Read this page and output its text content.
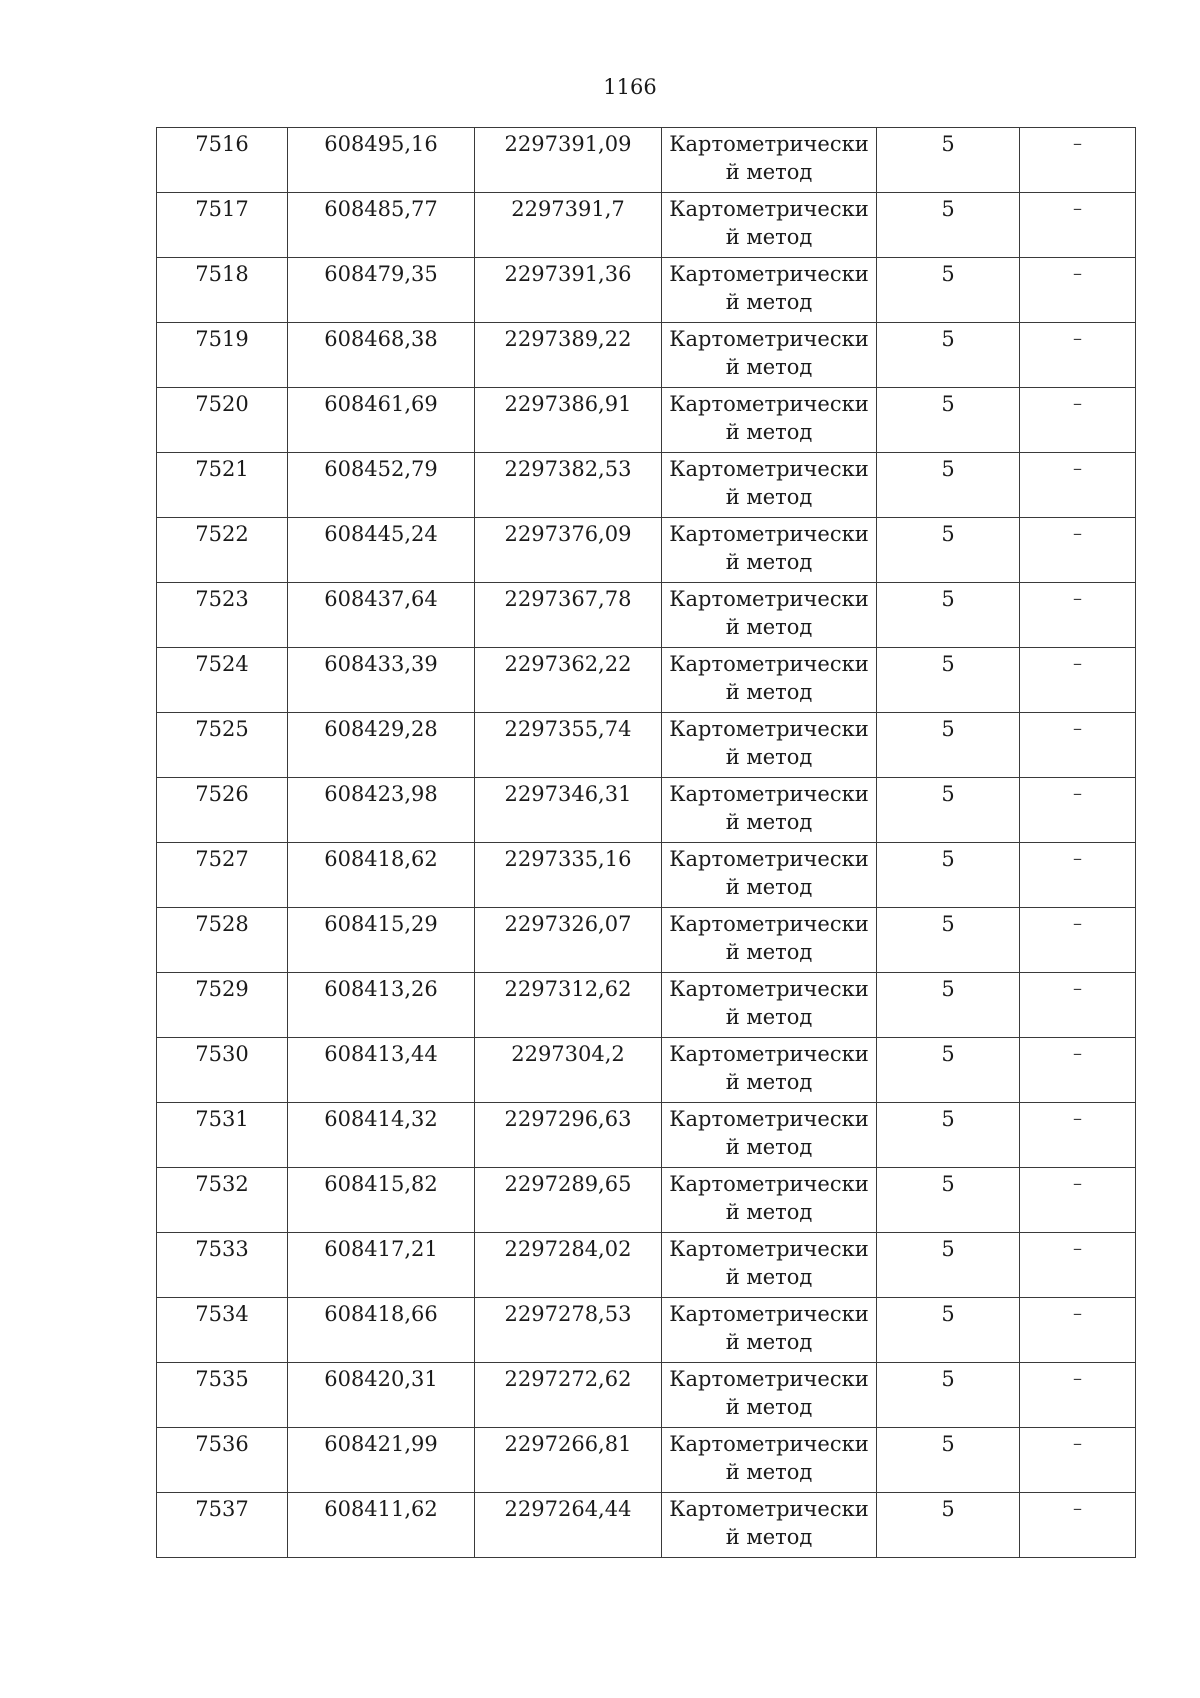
1166
7516	608495,16	2297391,09	Картометрически
й метод	5	–

7517	608485,77	2297391,7	Картометрически
й метод	5	–

7518	608479,35	2297391,36	Картометрически
й метод	5	–

7519	608468,38	2297389,22	Картометрически
й метод	5	–

7520	608461,69	2297386,91	Картометрически
й метод	5	–

7521	608452,79	2297382,53	Картометрически
й метод	5	–

7522	608445,24	2297376,09	Картометрически
й метод	5	–

7523	608437,64	2297367,78	Картометрически
й метод	5	–

7524	608433,39	2297362,22	Картометрически
й метод	5	–

7525	608429,28	2297355,74	Картометрически
й метод	5	–

7526	608423,98	2297346,31	Картометрически
й метод	5	–

7527	608418,62	2297335,16	Картометрически
й метод	5	–

7528	608415,29	2297326,07	Картометрически
й метод	5	–

7529	608413,26	2297312,62	Картометрически
й метод	5	–

7530	608413,44	2297304,2	Картометрически
й метод	5	–

7531	608414,32	2297296,63	Картометрически
й метод	5	–

7532	608415,82	2297289,65	Картометрически
й метод	5	–

7533	608417,21	2297284,02	Картометрически
й метод	5	–

7534	608418,66	2297278,53	Картометрически
й метод	5	–

7535	608420,31	2297272,62	Картометрически
й метод	5	–

7536	608421,99	2297266,81	Картометрически
й метод	5	–

7537	608411,62	2297264,44	Картометрически
й метод	5	–
